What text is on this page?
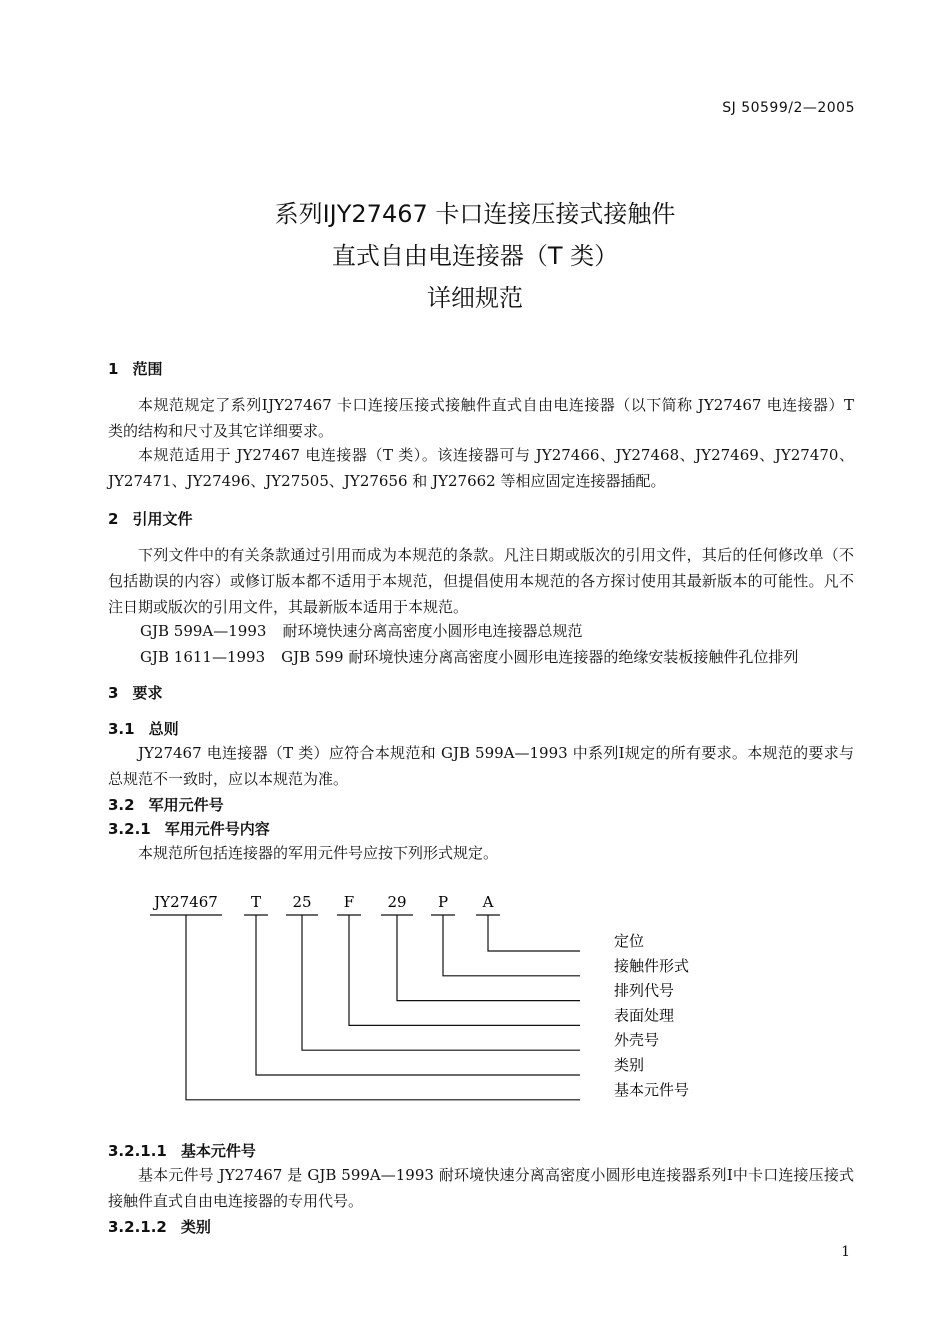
SJ 50599/2—2005
系列ⅠJY27467 卡口连接压接式接触件
直式自由电连接器（T 类）
详细规范
1 范围

本规范规定了系列ⅠJY27467 卡口连接压接式接触件直式自由电连接器（以下简称 JY27467 电连接器）T 类的结构和尺寸及其它详细要求。

本规范适用于 JY27467 电连接器（T 类）。该连接器可与 JY27466、JY27468、JY27469、JY27470、JY27471、JY27496、JY27505、JY27656 和 JY27662 等相应固定连接器插配。

2 引用文件

下列文件中的有关条款通过引用而成为本规范的条款。凡注日期或版次的引用文件，其后的任何修改单（不包括勘误的内容）或修订版本都不适用于本规范，但提倡使用本规范的各方探讨使用其最新版本的可能性。凡不注日期或版次的引用文件，其最新版本适用于本规范。

GJB 599A—1993 耐环境快速分离高密度小圆形电连接器总规范
GJB 1611—1993 GJB 599 耐环境快速分离高密度小圆形电连接器的绝缘安装板接触件孔位排列
3 要求
3.1 总则

JY27467 电连接器（T 类）应符合本规范和 GJB 599A—1993 中系列Ⅰ规定的所有要求。本规范的要求与总规范不一致时，应以本规范为准。

3.2 军用元件号
3.2.1 军用元件号内容

本规范所包括连接器的军用元件号应按下列形式规定。

JY27467 T 25 F 29 P A
定位
接触件形式
排列代号
表面处理
外壳号
类别
基本元件号
3.2.1.1 基本元件号

基本元件号 JY27467 是 GJB 599A—1993 耐环境快速分离高密度小圆形电连接器系列Ⅰ中卡口连接压接式接触件直式自由电连接器的专用代号。

3.2.1.2 类别
1
